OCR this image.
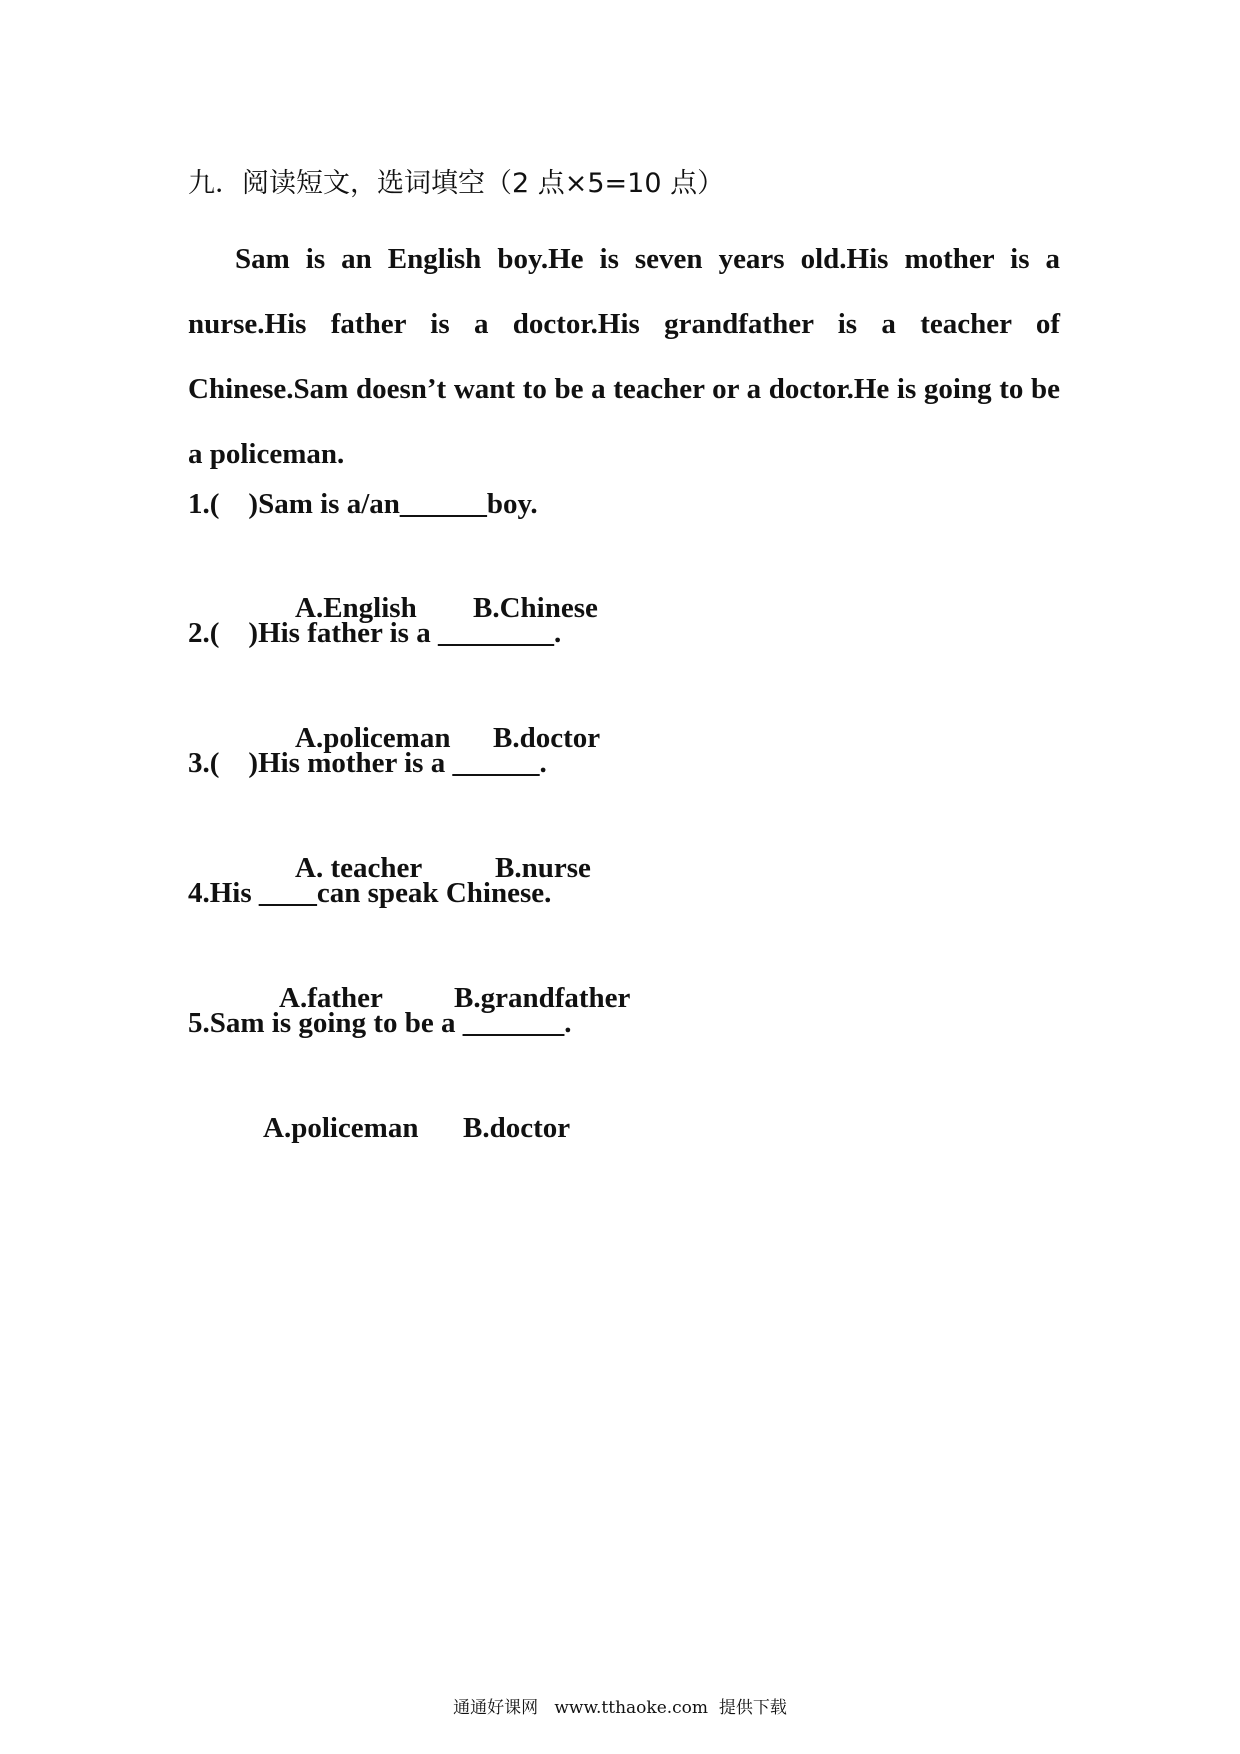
九．阅读短文，选词填空（2 点×5=10 点）

Sam is an English boy.He is seven years old.His mother is a nurse.His father is a doctor.His grandfather is a teacher of Chinese.Sam doesn’t want to be a teacher or a doctor.He is going to be a policeman.

1.(    )Sam is a/an______boy.

A.English B.Chinese

2.(    )His father is a ________.

A.policeman B.doctor

3.(    )His mother is a ______.

A. teacher	B.nurse

4.His ____can speak Chinese.

A.father B.grandfather

5.Sam is going to be a _______.

A.policeman B.doctor

通通好课网   www.tthaoke.com  提供下载
